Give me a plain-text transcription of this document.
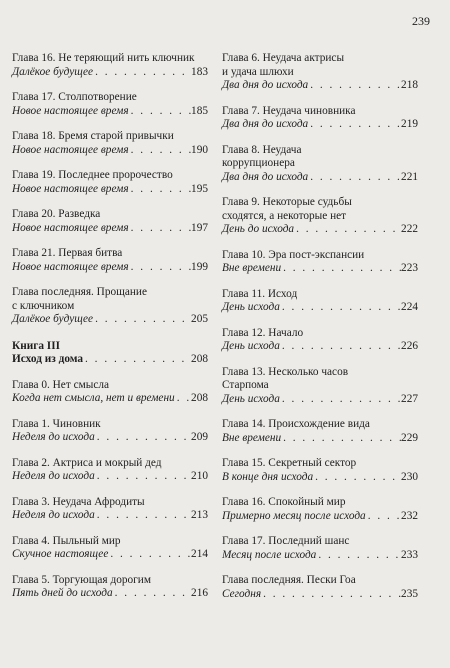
239
Глава 16. Не теряющий нить ключник
Далёкое будущее . . .	183
Глава 17. Столпотворение
Новое настоящее время . . .	185
Глава 18. Бремя старой привычки
Новое настоящее время . . .	190
Глава 19. Последнее пророчество
Новое настоящее время . . .	195
Глава 20. Разведка
Новое настоящее время . . .	197
Глава 21. Первая битва
Новое настоящее время . . .	199
Глава последняя. Прощание
с ключником
Далёкое будущее . . .	205
Книга III
Исход из дома . . .	208
Глава 0. Нет смысла
Когда нет смысла, нет и времени . . . 208
Глава 1. Чиновник
Неделя до исхода . . .	209
Глава 2. Актриса и мокрый дед
Неделя до исхода . . .	210
Глава 3. Неудача Афродиты
Неделя до исхода . . .	213
Глава 4. Пыльный мир
Скучное настоящее . . .	214
Глава 5. Торгующая дорогим
Пять дней до исхода . . .	216
Глава 6. Неудача актрисы
и удача шлюхи
Два дня до исхода . . .	218
Глава 7. Неудача чиновника
Два дня до исхода . . .	219
Глава 8. Неудача
коррупционера
Два дня до исхода . . .	221
Глава 9. Некоторые судьбы
сходятся, а некоторые нет
День до исхода . . .	222
Глава 10. Эра пост-экспансии
Вне времени . . .	223
Глава 11. Исход
День исхода . . .	224
Глава 12. Начало
День исхода . . .	226
Глава 13. Несколько часов
Старпома
День исхода . . .	227
Глава 14. Происхождение вида
Вне времени . . .	229
Глава 15. Секретный сектор
В конце дня исхода . . .	230
Глава 16. Спокойный мир
Примерно месяц после исхода . . .	232
Глава 17. Последний шанс
Месяц после исхода . . .	233
Глава последняя. Пески Гоа
Сегодня . . .	235
